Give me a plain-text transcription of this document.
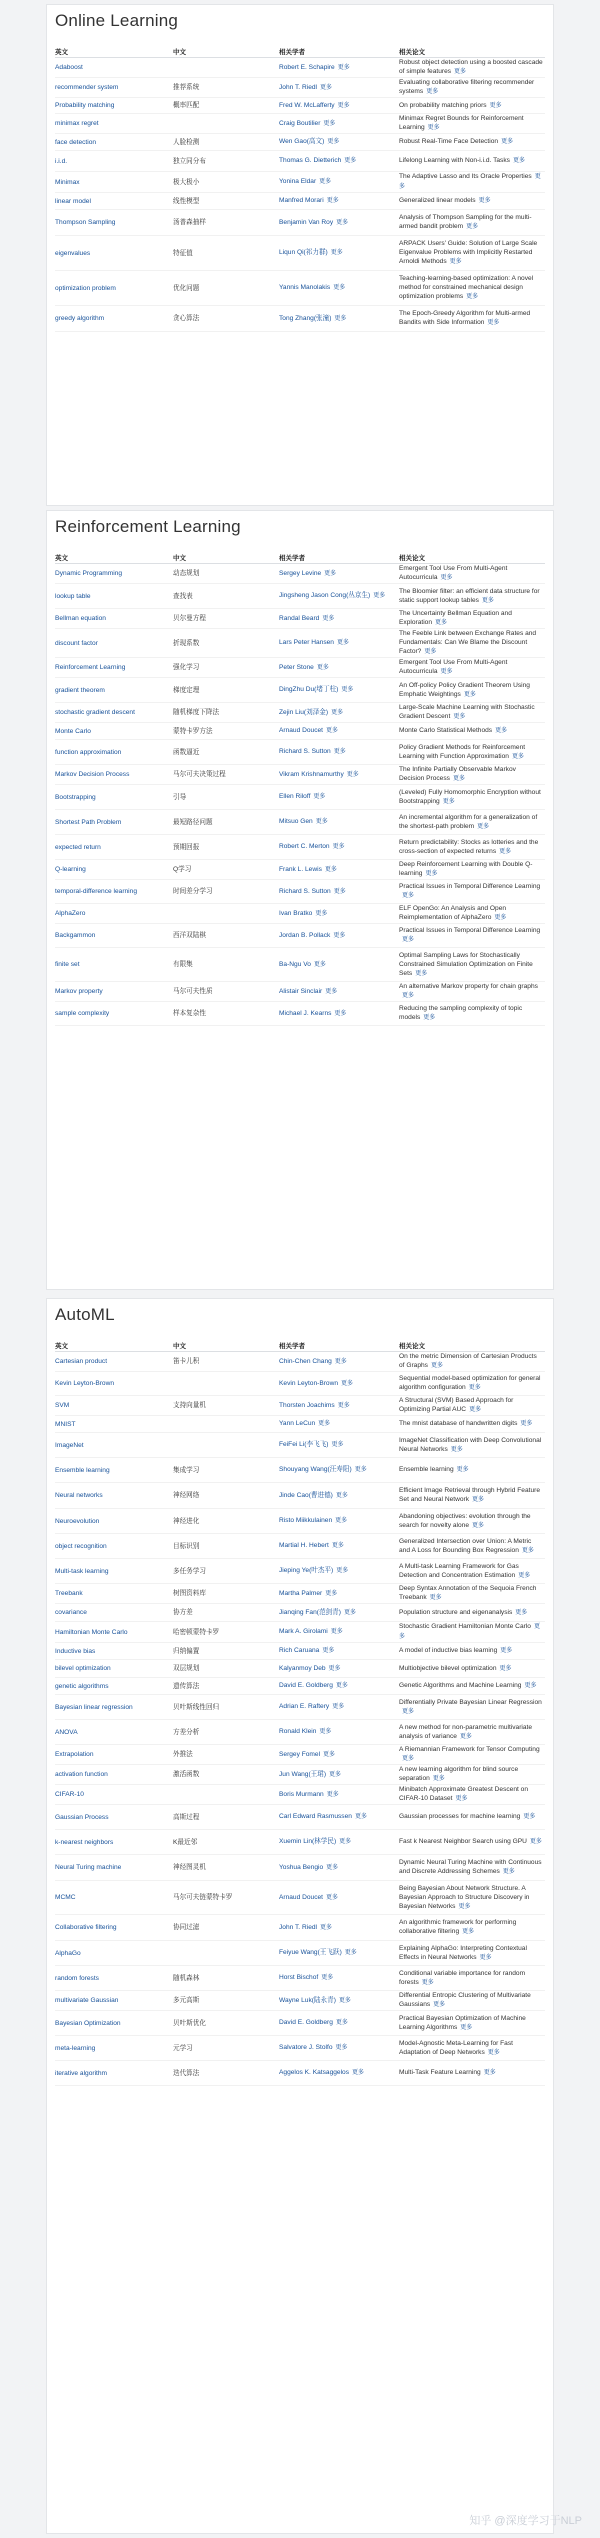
Online Learning
英文	中文	相关学者	相关论文
Adaboost		Robert E. Schapire 更多	Robust object detection using a boosted cascade of simple features 更多
recommender system	推荐系统	John T. Riedl 更多	Evaluating collaborative filtering recommender systems 更多
Probability matching	概率匹配	Fred W. McLafferty 更多	On probability matching priors 更多
minimax regret		Craig Boutilier 更多	Minimax Regret Bounds for Reinforcement Learning 更多
face detection	人脸检测	Wen Gao(高文) 更多	Robust Real-Time Face Detection 更多
i.i.d.	独立同分布	Thomas G. Dietterich 更多	Lifelong Learning with Non-i.i.d. Tasks 更多
Minimax	极大极小	Yonina Eldar 更多	The Adaptive Lasso and Its Oracle Properties 更多
linear model	线性模型	Manfred Morari 更多	Generalized linear models 更多
Thompson Sampling	汤普森抽样	Benjamin Van Roy 更多	Analysis of Thompson Sampling for the multi-armed bandit problem 更多
eigenvalues	特征值	Liqun Qi(祁力群) 更多	ARPACK Users' Guide: Solution of Large Scale Eigenvalue Problems with Implicitly Restarted Arnoldi Methods 更多
optimization problem	优化问题	Yannis Manolakis 更多	Teaching-learning-based optimization: A novel method for constrained mechanical design optimization problems 更多
greedy algorithm	贪心算法	Tong Zhang(张潼) 更多	The Epoch-Greedy Algorithm for Multi-armed Bandits with Side Information 更多
Reinforcement Learning
英文	中文	相关学者	相关论文
Dynamic Programming	动态规划	Sergey Levine 更多	Emergent Tool Use From Multi-Agent Autocurricula 更多
lookup table	查找表	Jingsheng Jason Cong(丛京生) 更多	The Bloomier filter: an efficient data structure for static support lookup tables 更多
Bellman equation	贝尔曼方程	Randal Beard 更多	The Uncertainty Bellman Equation and Exploration 更多
discount factor	折现系数	Lars Peter Hansen 更多	The Feeble Link between Exchange Rates and Fundamentals: Can We Blame the Discount Factor? 更多
Reinforcement Learning	强化学习	Peter Stone 更多	Emergent Tool Use From Multi-Agent Autocurricula 更多
gradient theorem	梯度定理	DingZhu Du(堵丁柱) 更多	An Off-policy Policy Gradient Theorem Using Emphatic Weightings 更多
stochastic gradient descent	随机梯度下降法	Zejin Liu(刘泽金) 更多	Large-Scale Machine Learning with Stochastic Gradient Descent 更多
Monte Carlo	蒙特卡罗方法	Arnaud Doucet 更多	Monte Carlo Statistical Methods 更多
function approximation	函数逼近	Richard S. Sutton 更多	Policy Gradient Methods for Reinforcement Learning with Function Approximation 更多
Markov Decision Process	马尔可夫决策过程	Vikram Krishnamurthy 更多	The Infinite Partially Observable Markov Decision Process 更多
Bootstrapping	引导	Ellen Riloff 更多	(Leveled) Fully Homomorphic Encryption without Bootstrapping 更多
Shortest Path Problem	最短路径问题	Mitsuo Gen 更多	An incremental algorithm for a generalization of the shortest-path problem 更多
expected return	预期回报	Robert C. Merton 更多	Return predictability: Stocks as lotteries and the cross-section of expected returns 更多
Q-learning	Q学习	Frank L. Lewis 更多	Deep Reinforcement Learning with Double Q-learning 更多
temporal-difference learning	时间差分学习	Richard S. Sutton 更多	Practical Issues in Temporal Difference Learning更多
AlphaZero		Ivan Bratko 更多	ELF OpenGo: An Analysis and Open Reimplementation of AlphaZero 更多
Backgammon	西洋双陆棋	Jordan B. Pollack 更多	Practical Issues in Temporal Difference Learning更多
finite set	有限集	Ba-Ngu Vo 更多	Optimal Sampling Laws for Stochastically Constrained Simulation Optimization on Finite Sets 更多
Markov property	马尔可夫性质	Alistair Sinclair 更多	An alternative Markov property for chain graphs更多
sample complexity	样本复杂性	Michael J. Kearns 更多	Reducing the sampling complexity of topic models 更多
AutoML
英文	中文	相关学者	相关论文
Cartesian product	笛卡儿积	Chin-Chen Chang 更多	On the metric Dimension of Cartesian Products of Graphs 更多
Kevin Leyton-Brown		Kevin Leyton-Brown 更多	Sequential model-based optimization for general algorithm configuration 更多
SVM	支持向量机	Thorsten Joachims 更多	A Structural (SVM) Based Approach for Optimizing Partial AUC 更多
MNIST		Yann LeCun 更多	The mnist database of handwritten digits 更多
ImageNet		FeiFei Li(李飞飞) 更多	ImageNet Classification with Deep Convolutional Neural Networks 更多
Ensemble learning	集成学习	Shouyang Wang(汪寿阳) 更多	Ensemble learning 更多
Neural networks	神经网络	Jinde Cao(曹进德) 更多	Efficient Image Retrieval through Hybrid Feature Set and Neural Network 更多
Neuroevolution	神经进化	Risto Miikkulainen 更多	Abandoning objectives: evolution through the search for novelty alone 更多
object recognition	目标识别	Martial H. Hebert 更多	Generalized Intersection over Union: A Metric and A Loss for Bounding Box Regression 更多
Multi-task learning	多任务学习	Jieping Ye(叶杰平) 更多	A Multi-task Learning Framework for Gas Detection and Concentration Estimation 更多
Treebank	树图资料库	Martha Palmer 更多	Deep Syntax Annotation of the Sequoia French Treebank 更多
covariance	协方差	Jianqing Fan(范剑青) 更多	Population structure and eigenanalysis 更多
Hamiltonian Monte Carlo	哈密顿蒙特卡罗	Mark A. Girolami 更多	Stochastic Gradient Hamiltonian Monte Carlo 更多
Inductive bias	归纳偏置	Rich Caruana 更多	A model of inductive bias learning 更多
bilevel optimization	双层规划	Kalyanmoy Deb 更多	Multiobjective bilevel optimization 更多
genetic algorithms	遗传算法	David E. Goldberg 更多	Genetic Algorithms and Machine Learning 更多
Bayesian linear regression	贝叶斯线性回归	Adrian E. Raftery 更多	Differentially Private Bayesian Linear Regression更多
ANOVA	方差分析	Ronald Klein 更多	A new method for non-parametric multivariate analysis of variance 更多
Extrapolation	外推法	Sergey Fomel 更多	A Riemannian Framework for Tensor Computing更多
activation function	激活函数	Jun Wang(王珺) 更多	A new learning algorithm for blind source separation 更多
CIFAR-10		Boris Murmann 更多	Minibatch Approximate Greatest Descent on CIFAR-10 Dataset 更多
Gaussian Process	高斯过程	Carl Edward Rasmussen 更多	Gaussian processes for machine learning 更多
k-nearest neighbors	K最近邻	Xuemin Lin(林学民) 更多	Fast k Nearest Neighbor Search using GPU 更多
Neural Turing machine	神经图灵机	Yoshua Bengio 更多	Dynamic Neural Turing Machine with Continuous and Discrete Addressing Schemes 更多
MCMC	马尔可夫链蒙特卡罗	Arnaud Doucet 更多	Being Bayesian About Network Structure. A Bayesian Approach to Structure Discovery in Bayesian Networks 更多
Collaborative filtering	协同过滤	John T. Riedl 更多	An algorithmic framework for performing collaborative filtering 更多
AlphaGo		Feiyue Wang(王飞跃) 更多	Explaining AlphaGo: Interpreting Contextual Effects in Neural Networks 更多
random forests	随机森林	Horst Bischof 更多	Conditional variable importance for random forests 更多
multivariate Gaussian	多元高斯	Wayne Luk(陆永青) 更多	Differential Entropic Clustering of Multivariate Gaussians 更多
Bayesian Optimization	贝叶斯优化	David E. Goldberg 更多	Practical Bayesian Optimization of Machine Learning Algorithms 更多
meta-learning	元学习	Salvatore J. Stolfo 更多	Model-Agnostic Meta-Learning for Fast Adaptation of Deep Networks 更多
iterative algorithm	迭代算法	Aggelos K. Katsaggelos 更多	Multi-Task Feature Learning 更多
知乎 @深度学习于NLP
